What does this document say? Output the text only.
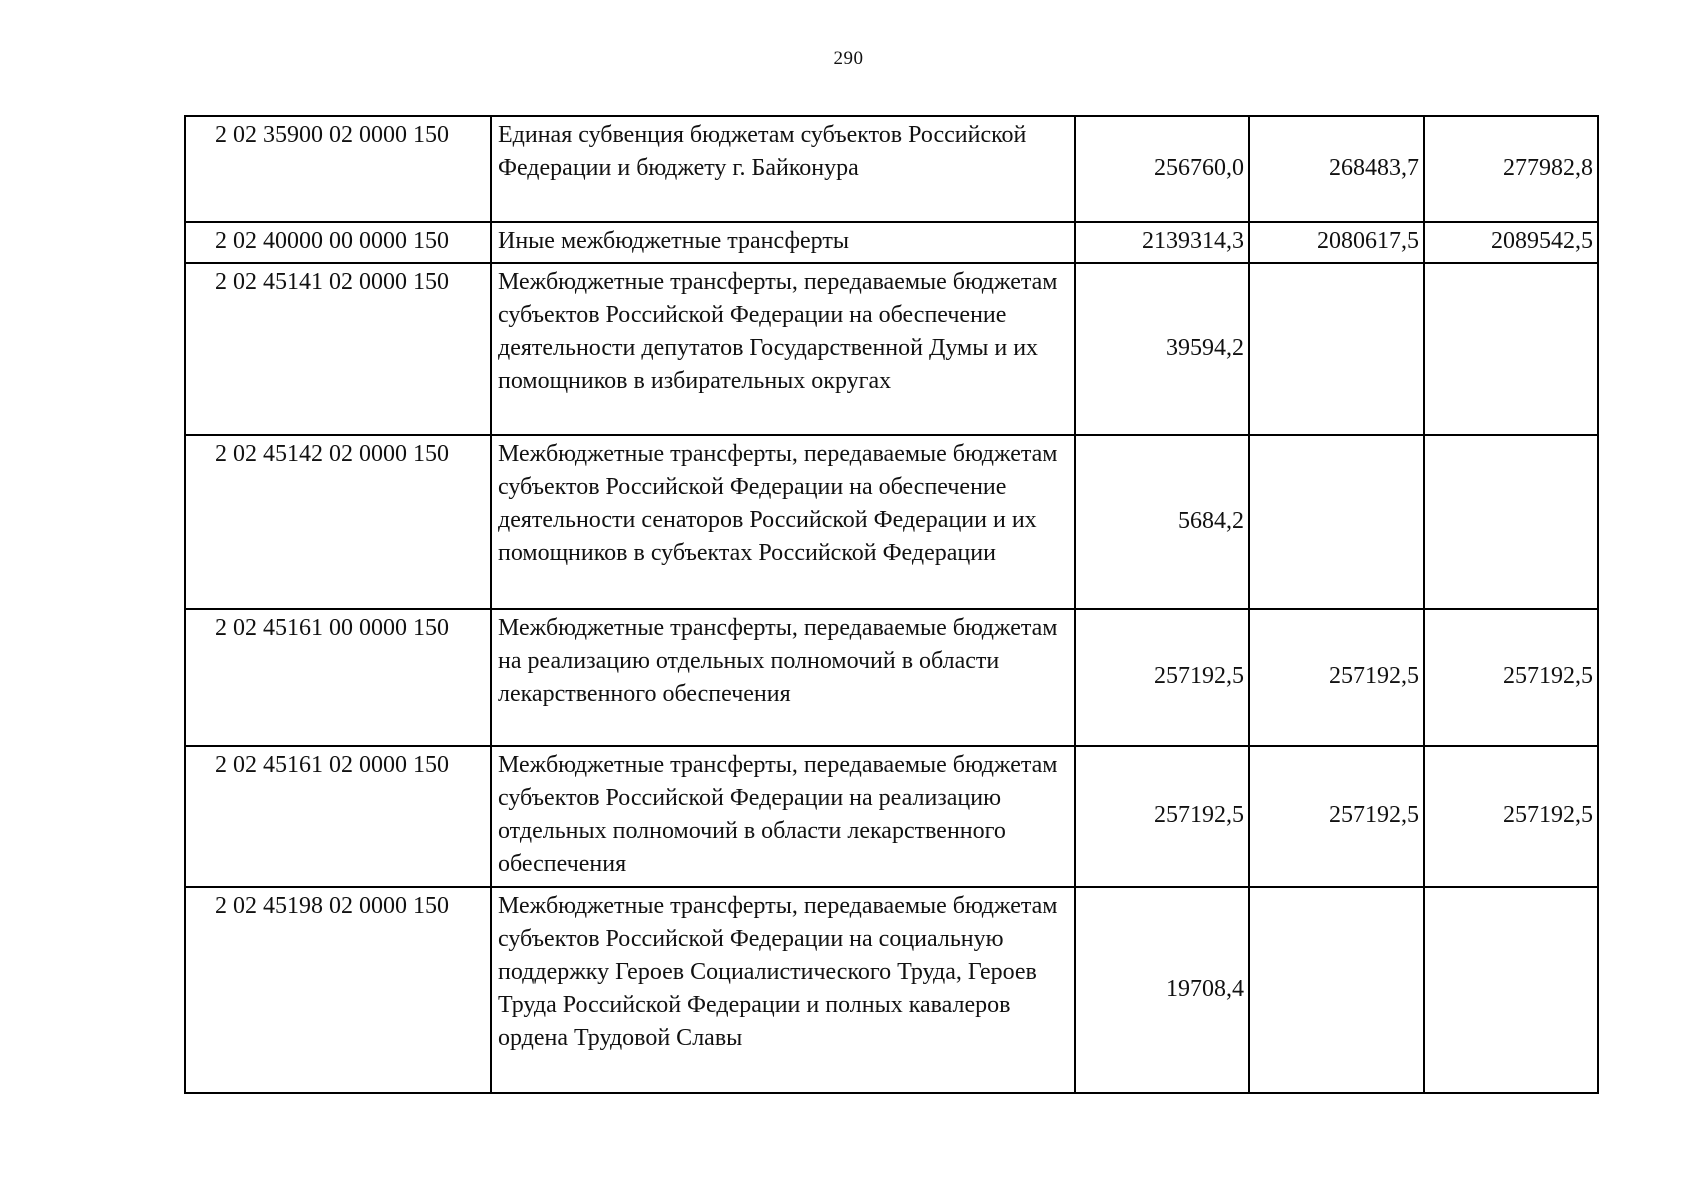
290
2 02 35900 02 0000 150	Единая субвенция бюджетам субъектов Российской Федерации и бюджету г. Байконура	256760,0	268483,7	277982,8
2 02 40000 00 0000 150	Иные межбюджетные трансферты	2139314,3	2080617,5	2089542,5
2 02 45141 02 0000 150	Межбюджетные трансферты, передаваемые бюджетам субъектов Российской Федерации на обеспечение деятельности депутатов Государственной Думы и их помощников в избирательных округах	39594,2		
2 02 45142 02 0000 150	Межбюджетные трансферты, передаваемые бюджетам субъектов Российской Федерации на обеспечение деятельности сенаторов Российской Федерации и их помощников в субъектах Российской Федерации	5684,2		
2 02 45161 00 0000 150	Межбюджетные трансферты, передаваемые бюджетам на реализацию отдельных полномочий в области лекарственного обеспечения	257192,5	257192,5	257192,5
2 02 45161 02 0000 150	Межбюджетные трансферты, передаваемые бюджетам субъектов Российской Федерации на реализацию отдельных полномочий в области лекарственного обеспечения	257192,5	257192,5	257192,5
2 02 45198 02 0000 150	Межбюджетные трансферты, передаваемые бюджетам субъектов Российской Федерации на социальную поддержку Героев Социалистического Труда, Героев Труда Российской Федерации и полных кавалеров ордена Трудовой Славы	19708,4		
